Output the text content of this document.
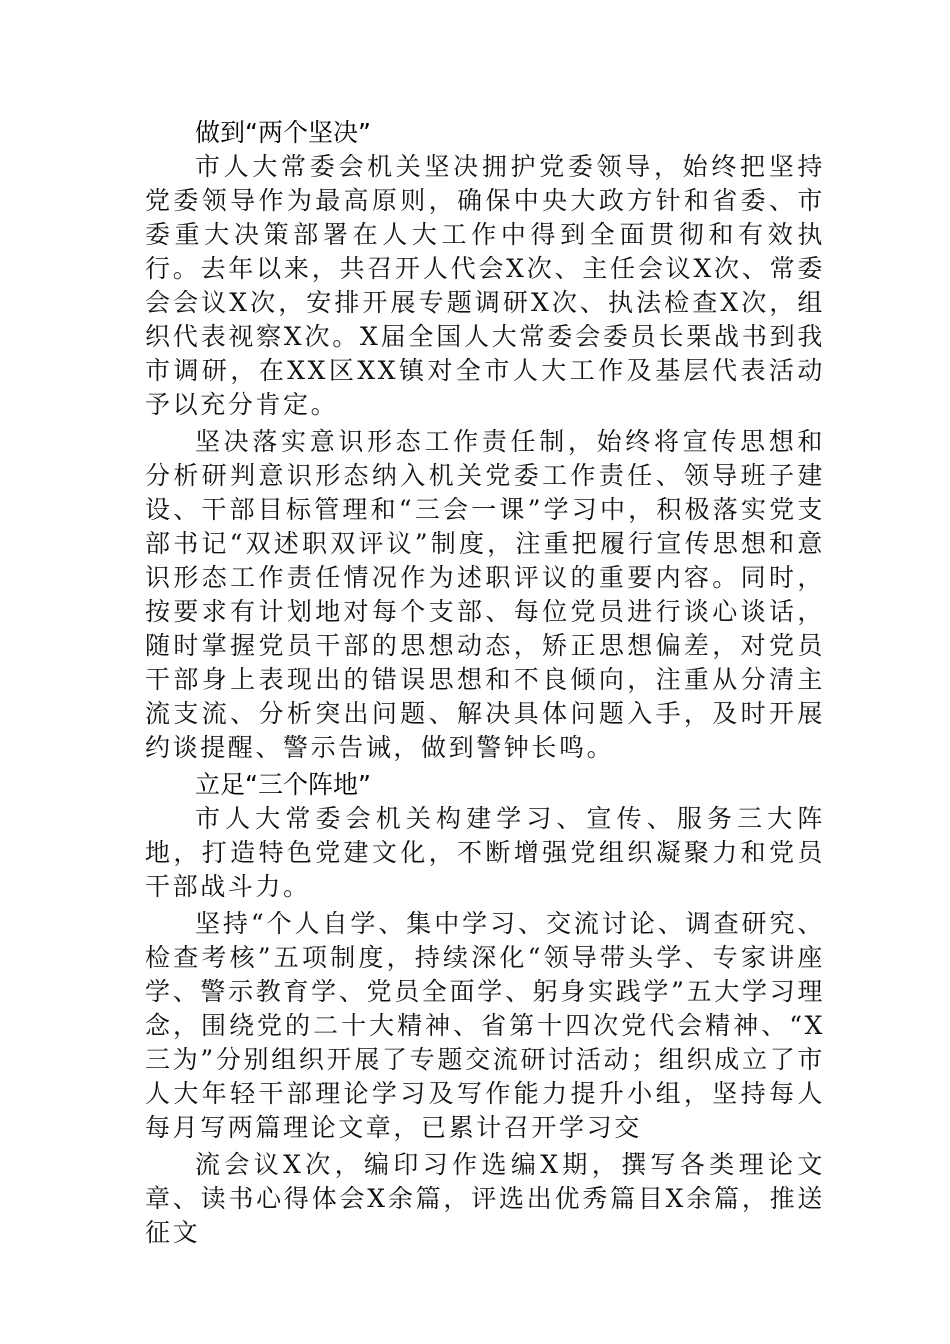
做到“两个坚决”

市人大常委会机关坚决拥护党委领导，始终把坚持党委领导作为最高原则，确保中央大政方针和省委、市委重大决策部署在人大工作中得到全面贯彻和有效执行。去年以来，共召开人代会X次、主任会议X次、常委会会议X次，安排开展专题调研X次、执法检查X次，组织代表视察X次。X届全国人大常委会委员长栗战书到我市调研，在XX区XX镇对全市人大工作及基层代表活动予以充分肯定。

坚决落实意识形态工作责任制，始终将宣传思想和分析研判意识形态纳入机关党委工作责任、领导班子建设、干部目标管理和“三会一课”学习中，积极落实党支部书记“双述职双评议”制度，注重把履行宣传思想和意识形态工作责任情况作为述职评议的重要内容。同时，按要求有计划地对每个支部、每位党员进行谈心谈话，随时掌握党员干部的思想动态，矫正思想偏差，对党员干部身上表现出的错误思想和不良倾向，注重从分清主流支流、分析突出问题、解决具体问题入手，及时开展约谈提醒、警示告诫，做到警钟长鸣。

立足“三个阵地”

市人大常委会机关构建学习、宣传、服务三大阵地，打造特色党建文化，不断增强党组织凝聚力和党员干部战斗力。

坚持“个人自学、集中学习、交流讨论、调查研究、检查考核”五项制度，持续深化“领导带头学、专家讲座学、警示教育学、党员全面学、躬身实践学”五大学习理念，围绕党的二十大精神、省第十四次党代会精神、“X三为”分别组织开展了专题交流研讨活动；组织成立了市人大年轻干部理论学习及写作能力提升小组，坚持每人每月写两篇理论文章，已累计召开学习交

流会议X次，编印习作选编X期，撰写各类理论文章、读书心得体会X余篇，评选出优秀篇目X余篇，推送征文
